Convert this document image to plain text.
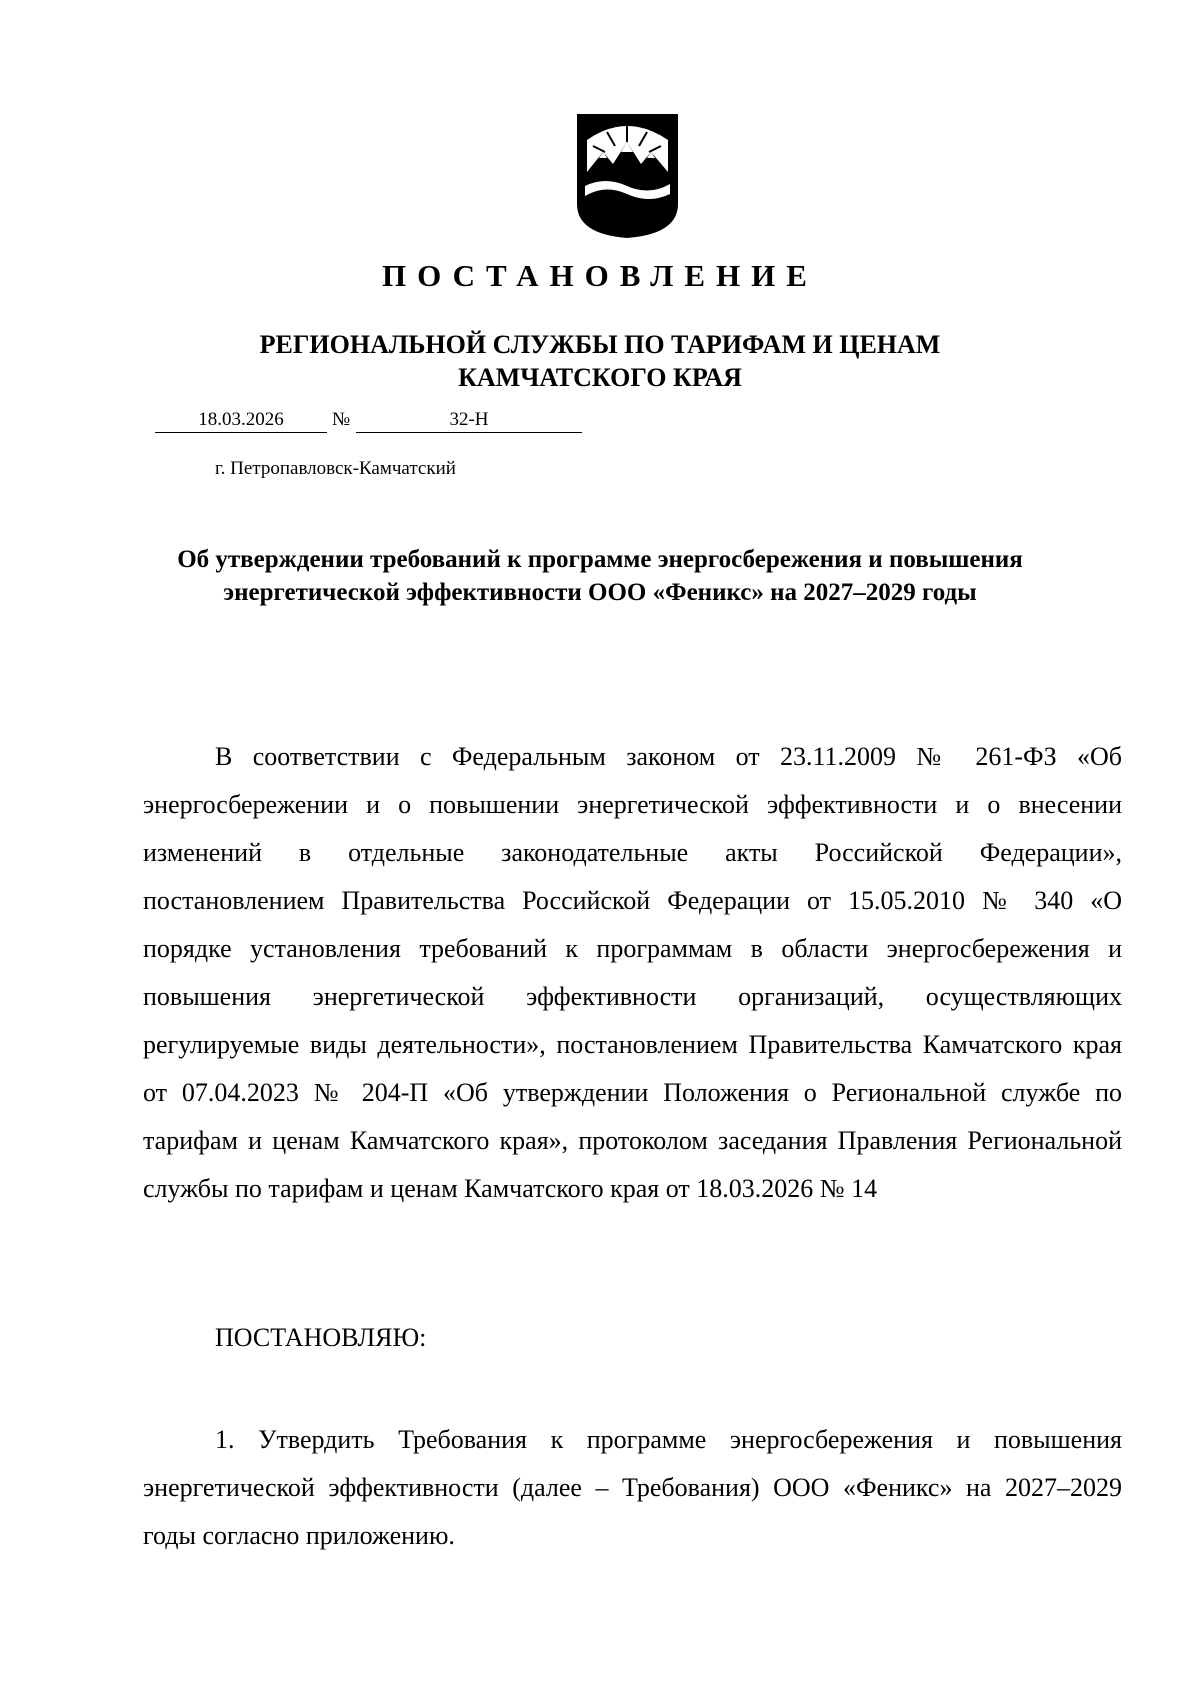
ПОСТАНОВЛЕНИЕ
РЕГИОНАЛЬНОЙ СЛУЖБЫ ПО ТАРИФАМ И ЦЕНАМ
КАМЧАТСКОГО КРАЯ
18.03.2026	№	32-Н
г. Петропавловск-Камчатский
Об утверждении требований к программе энергосбережения и повышения энергетической эффективности ООО «Феникс» на 2027–2029 годы
В соответствии с Федеральным законом от 23.11.2009 № 261-ФЗ «Об энергосбережении и о повышении энергетической эффективности и о внесении изменений в отдельные законодательные акты Российской Федерации», постановлением Правительства Российской Федерации от 15.05.2010 № 340 «О порядке установления требований к программам в области энергосбережения и повышения энергетической эффективности организаций, осуществляющих регулируемые виды деятельности», постановлением Правительства Камчатского края от 07.04.2023 № 204-П «Об утверждении Положения о Региональной службе по тарифам и ценам Камчатского края», протоколом заседания Правления Региональной службы по тарифам и ценам Камчатского края от 18.03.2026 № 14
ПОСТАНОВЛЯЮ:
1. Утвердить Требования к программе энергосбережения и повышения энергетической эффективности (далее – Требования) ООО «Феникс» на 2027–2029 годы согласно приложению.
